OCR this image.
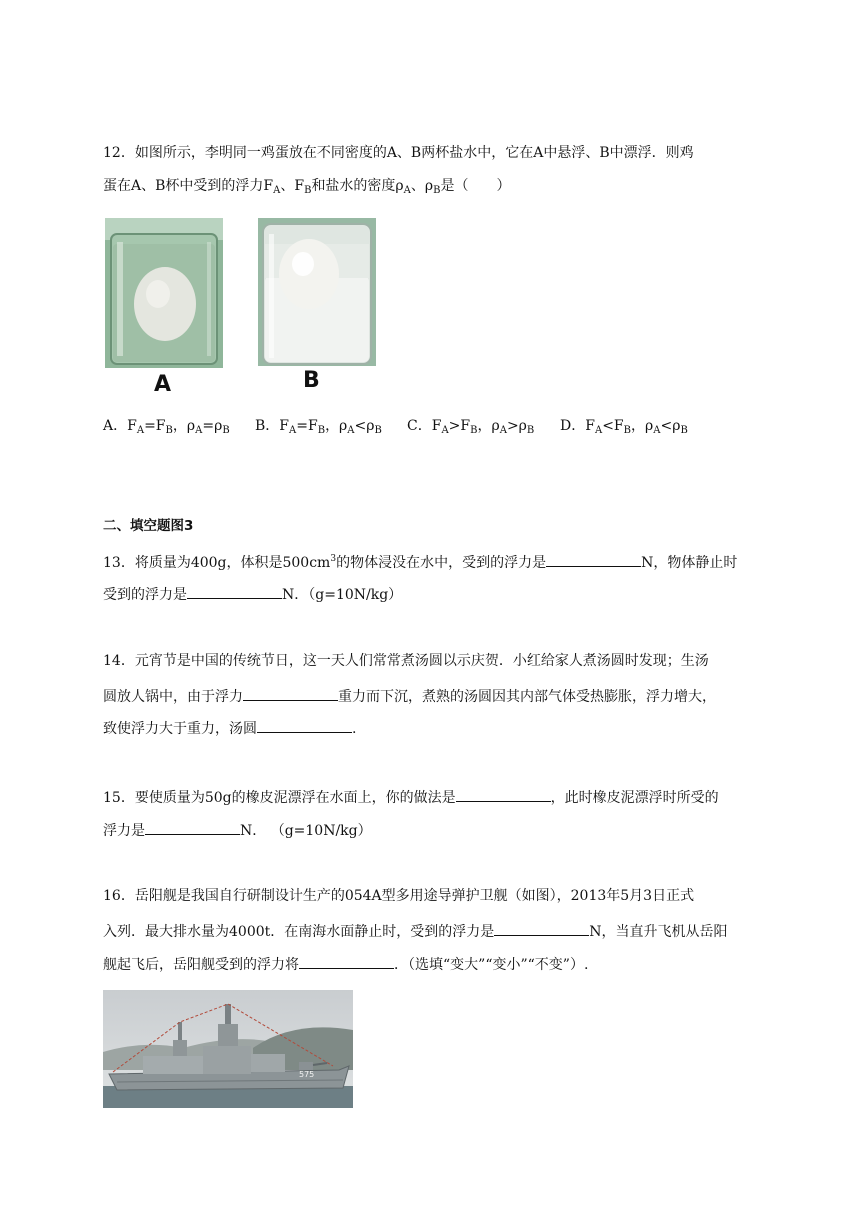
12．如图所示，李明同一鸡蛋放在不同密度的A、B两杯盐水中，它在A中悬浮、B中漂浮．则鸡
蛋在A、B杯中受到的浮力$F_A$、$F_B$和盐水的密度$\rho_A$、$\rho_B$是（　　）
A	B
A．$F_A=F_B$，$\rho_A=\rho_B$ B．$F_A=F_B$，$\rho_A<\rho_B$ C．$F_A>F_B$，$\rho_A>\rho_B$ D．$F_A<F_B$，$\rho_A<\rho_B$
二、填空题图3
13．将质量为400g，体积是$500cm^3$的物体浸没在水中，受到的浮力是	N，物体静止时
受到的浮力是	N．（g=10N/kg）
14．元宵节是中国的传统节日，这一天人们常常煮汤圆以示庆贺．小红给家人煮汤圆时发现；生汤
圆放人锅中，由于浮力	重力而下沉，煮熟的汤圆因其内部气体受热膨胀，浮力增大，
致使浮力大于重力，汤圆	.
15．要使质量为50g的橡皮泥漂浮在水面上，你的做法是	，此时橡皮泥漂浮时所受的
浮力是	N． （g=10N/kg）
16．岳阳舰是我国自行研制设计生产的054A型多用途导弹护卫舰（如图），2013年5月3日正式
入列．最大排水量为4000t．在南海水面静止时，受到的浮力是	N，当直升飞机从岳阳
舰起飞后，岳阳舰受到的浮力将	．（选填“变大”“变小”“不变”）.
575
